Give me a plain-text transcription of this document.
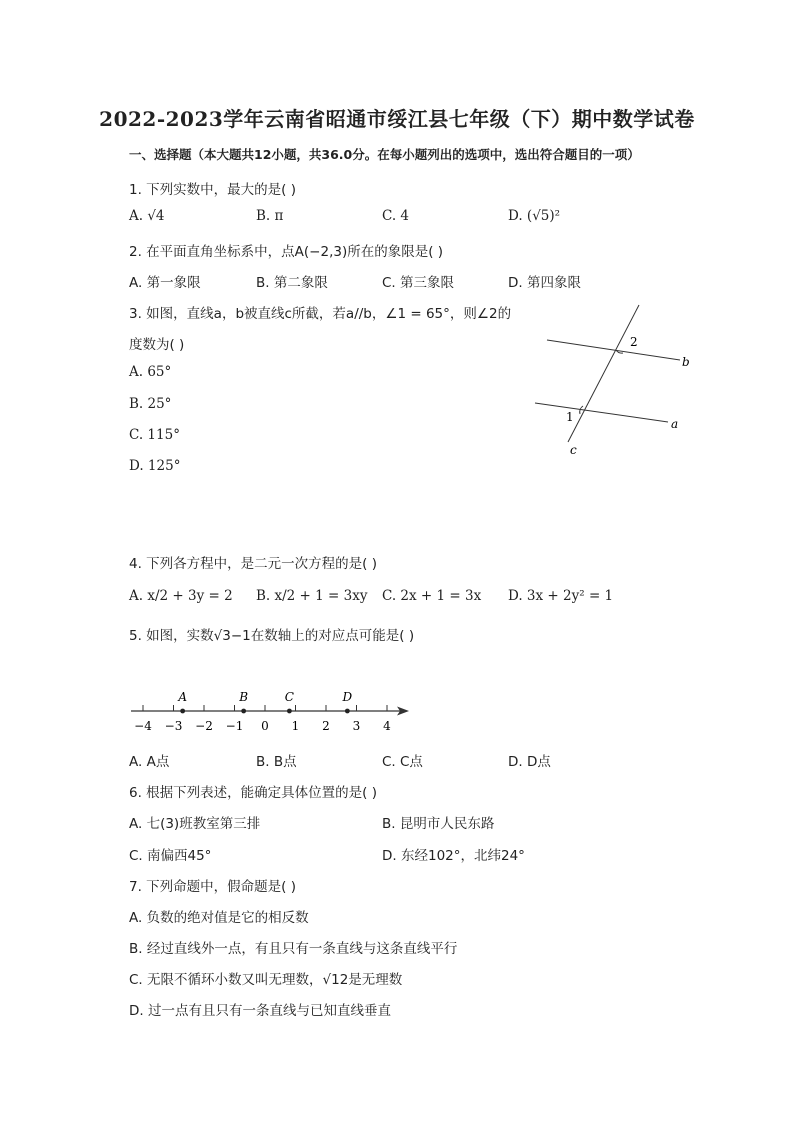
2022-2023学年云南省昭通市绥江县七年级（下）期中数学试卷
一、选择题（本大题共12小题，共36.0分。在每小题列出的选项中，选出符合题目的一项）
1. 下列实数中，最大的是( )
A. √4	B. π	C. 4	D. (√5)²
2. 在平面直角坐标系中，点A(−2,3)所在的象限是( )
A. 第一象限	B. 第二象限	C. 第三象限	D. 第四象限
3. 如图，直线a，b被直线c所截，若a//b，∠1 = 65°，则∠2的
度数为( )
A. 65°
B. 25°
C. 115°
D. 125°
2
1
b
a
c
4. 下列各方程中，是二元一次方程的是( )
A. x/2 + 3y = 2 B. x/2 + 1 = 3xy C. 2x + 1 = 3x D. 3x + 2y² = 1
5. 如图，实数√3−1在数轴上的对应点可能是( )
−4 −3 −2 −1 0 1 2 3 4
A	B	C	D
A. A点	B. B点	C. C点	D. D点
6. 根据下列表述，能确定具体位置的是( )
A. 七(3)班教室第三排	B. 昆明市人民东路
C. 南偏西45°	D. 东经102°，北纬24°
7. 下列命题中，假命题是( )
A. 负数的绝对值是它的相反数
B. 经过直线外一点，有且只有一条直线与这条直线平行
C. 无限不循环小数又叫无理数，√12是无理数
D. 过一点有且只有一条直线与已知直线垂直
